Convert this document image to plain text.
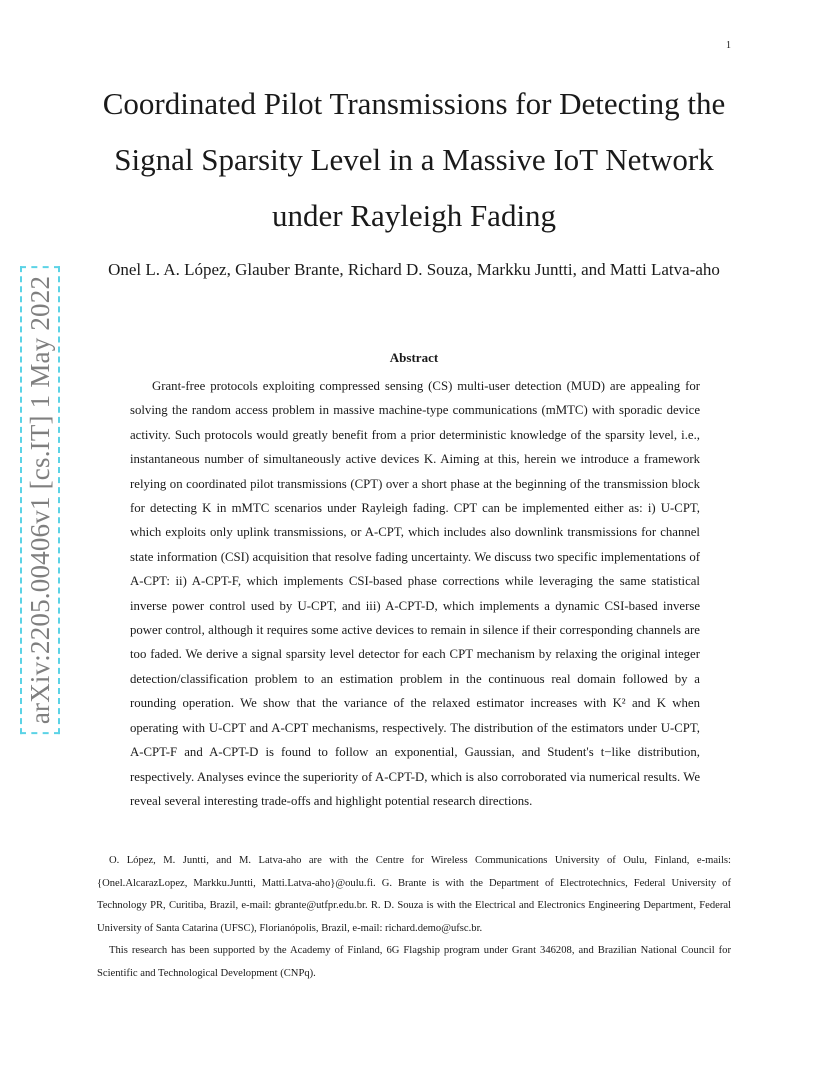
1
arXiv:2205.00406v1 [cs.IT] 1 May 2022
Coordinated Pilot Transmissions for Detecting the Signal Sparsity Level in a Massive IoT Network under Rayleigh Fading
Onel L. A. López, Glauber Brante, Richard D. Souza, Markku Juntti, and Matti Latva-aho
Abstract

Grant-free protocols exploiting compressed sensing (CS) multi-user detection (MUD) are appealing for solving the random access problem in massive machine-type communications (mMTC) with sporadic device activity. Such protocols would greatly benefit from a prior deterministic knowledge of the sparsity level, i.e., instantaneous number of simultaneously active devices K. Aiming at this, herein we introduce a framework relying on coordinated pilot transmissions (CPT) over a short phase at the beginning of the transmission block for detecting K in mMTC scenarios under Rayleigh fading. CPT can be implemented either as: i) U-CPT, which exploits only uplink transmissions, or A-CPT, which includes also downlink transmissions for channel state information (CSI) acquisition that resolve fading uncertainty. We discuss two specific implementations of A-CPT: ii) A-CPT-F, which implements CSI-based phase corrections while leveraging the same statistical inverse power control used by U-CPT, and iii) A-CPT-D, which implements a dynamic CSI-based inverse power control, although it requires some active devices to remain in silence if their corresponding channels are too faded. We derive a signal sparsity level detector for each CPT mechanism by relaxing the original integer detection/classification problem to an estimation problem in the continuous real domain followed by a rounding operation. We show that the variance of the relaxed estimator increases with K² and K when operating with U-CPT and A-CPT mechanisms, respectively. The distribution of the estimators under U-CPT, A-CPT-F and A-CPT-D is found to follow an exponential, Gaussian, and Student's t−like distribution, respectively. Analyses evince the superiority of A-CPT-D, which is also corroborated via numerical results. We reveal several interesting trade-offs and highlight potential research directions.

O. López, M. Juntti, and M. Latva-aho are with the Centre for Wireless Communications University of Oulu, Finland, e-mails: {Onel.AlcarazLopez, Markku.Juntti, Matti.Latva-aho}@oulu.fi. G. Brante is with the Department of Electrotechnics, Federal University of Technology PR, Curitiba, Brazil, e-mail: gbrante@utfpr.edu.br. R. D. Souza is with the Electrical and Electronics Engineering Department, Federal University of Santa Catarina (UFSC), Florianópolis, Brazil, e-mail: richard.demo@ufsc.br.

This research has been supported by the Academy of Finland, 6G Flagship program under Grant 346208, and Brazilian National Council for Scientific and Technological Development (CNPq).
